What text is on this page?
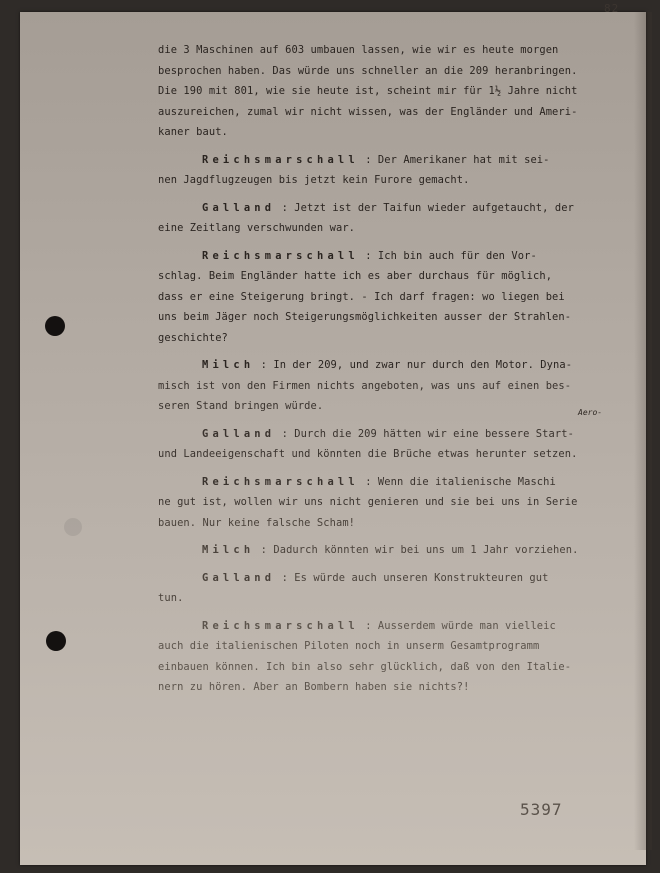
82
die 3 Maschinen auf 603 umbauen lassen, wie wir es heute morgen
besprochen haben. Das würde uns schneller an die 209 heranbringen.
Die 190 mit 801, wie sie heute ist, scheint mir für 1½ Jahre nicht
auszureichen, zumal wir nicht wissen, was der Engländer und Ameri-
kaner baut.
Reichsmarschall : Der Amerikaner hat mit sei-
nen Jagdflugzeugen bis jetzt kein Furore gemacht.
Galland : Jetzt ist der Taifun wieder aufgetaucht, der
eine Zeitlang verschwunden war.
Reichsmarschall : Ich bin auch für den Vor-
schlag. Beim Engländer hatte ich es aber durchaus für möglich,
dass er eine Steigerung bringt. - Ich darf fragen: wo liegen bei
uns beim Jäger noch Steigerungsmöglichkeiten ausser der Strahlen-
geschichte?
Milch : In der 209, und zwar nur durch den Motor. Dyna-
misch ist von den Firmen nichts angeboten, was uns auf einen bes-
seren Stand bringen würde.
Galland : Durch die 209 hätten wir eine bessere Start-
und Landeeigenschaft und könnten die Brüche etwas herunter setzen.
Reichsmarschall : Wenn die italienische Maschi
ne gut ist, wollen wir uns nicht genieren und sie bei uns in Serie
bauen. Nur keine falsche Scham!
Milch : Dadurch könnten wir bei uns um 1 Jahr vorziehen.
Galland : Es würde auch unseren Konstrukteuren gut
tun.
Reichsmarschall : Ausserdem würde man vielleic
auch die italienischen Piloten noch in unserm Gesamtprogramm
einbauen können. Ich bin also sehr glücklich, daß von den Italie-
nern zu hören. Aber an Bombern haben sie nichts?!
Aero-
5397
